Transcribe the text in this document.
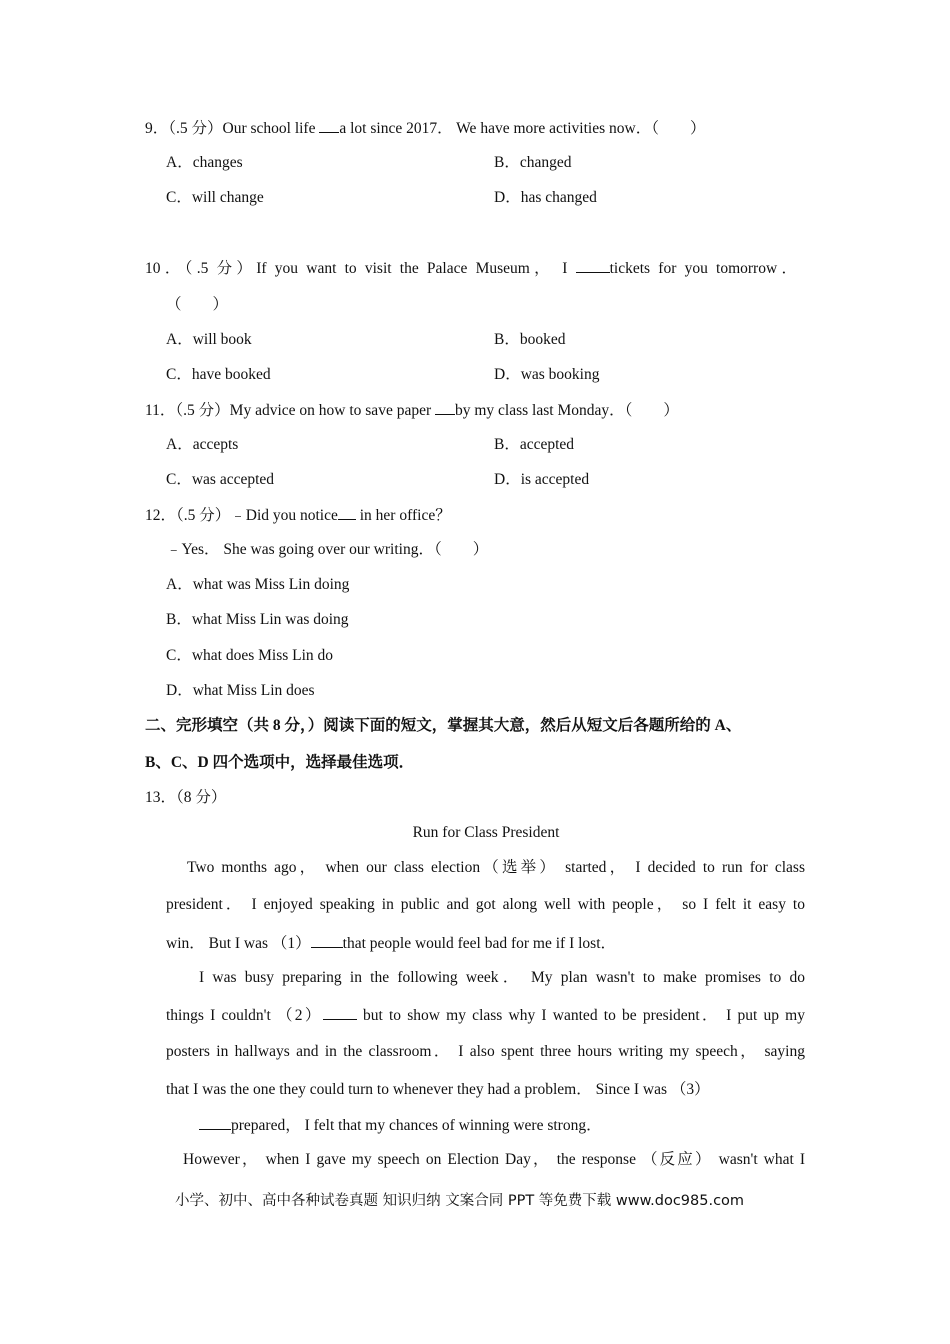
9．（.5 分）Our school life a lot since 2017． We have more activities now．（　　）
A．changes	B．changed
C．will change	D．has changed
10．（.5 分）If you want to visit the Palace Museum， I tickets for you tomorrow．
（　　）
A．will book	B．booked
C．have booked	D．was booking
11．（.5 分）My advice on how to save paper by my class last Monday．（　　）
A．accepts	B．accepted
C．was accepted	D．is accepted
12．（.5 分）﹣Did you notice in her office？
﹣Yes． She was going over our writing．（　　）
A．what was Miss Lin doing
B．what Miss Lin was doing
C．what does Miss Lin do
D．what Miss Lin does
二、完形填空（共 8 分，）阅读下面的短文，掌握其大意，然后从短文后各题所给的 A、
B、C、D 四个选项中，选择最佳选项．
13．（8 分）
Run for Class President
Two months ago， when our class election（选举） started， I decided to run for class
president． I enjoyed speaking in public and got along well with people， so I felt it easy to
win． But I was （1） that people would feel bad for me if I lost．
I was busy preparing in the following week． My plan wasn't to make promises to do
things I couldn't （2） but to show my class why I wanted to be president． I put up my
posters in hallways and in the classroom． I also spent three hours writing my speech， saying
that I was the one they could turn to whenever they had a problem． Since I was （3）
prepared， I felt that my chances of winning were strong．
However， when I gave my speech on Election Day， the response （反应） wasn't what I
小学、初中、高中各种试卷真题 知识归纳 文案合同 PPT 等免费下载 www.doc985.com
